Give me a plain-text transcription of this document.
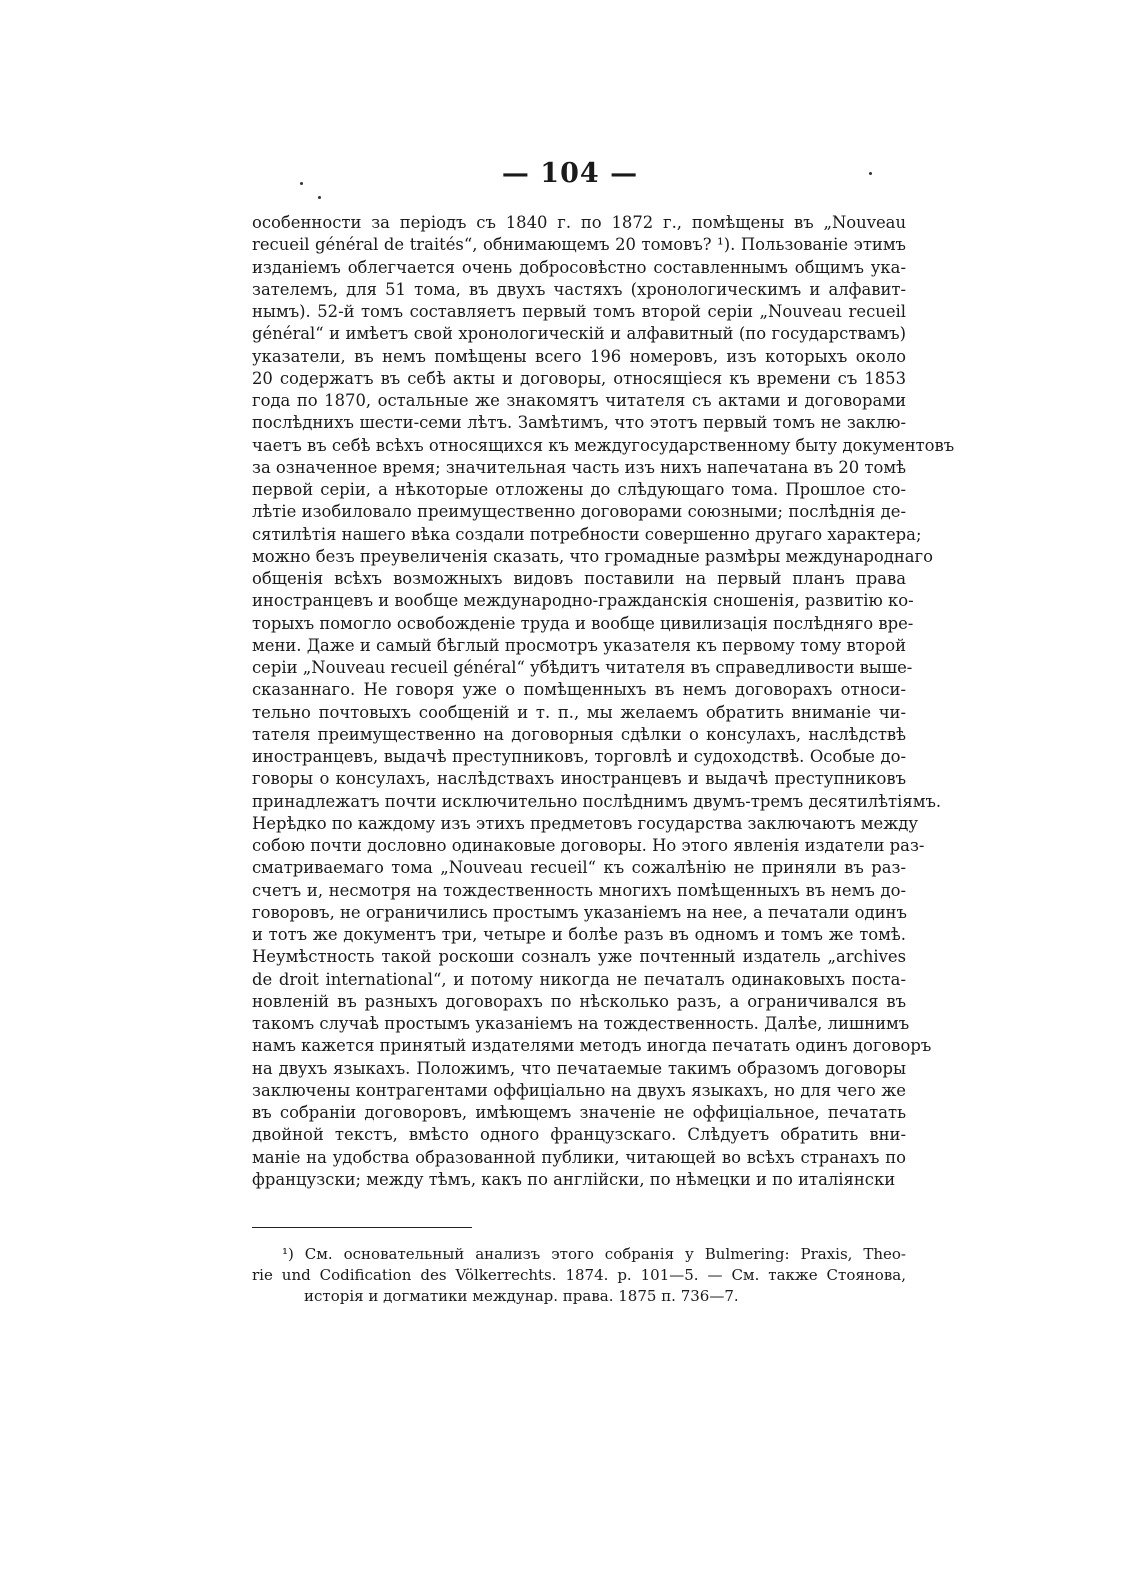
— 104 —
особенности за періодъ съ 1840 г. по 1872 г., помѣщены въ „Nouveau
recueil général de traités“, обнимающемъ 20 томовъ? ¹). Пользованіе этимъ
изданіемъ облегчается очень добросовѣстно составленнымъ общимъ ука-
зателемъ, для 51 тома, въ двухъ частяхъ (хронологическимъ и алфавит-
нымъ). 52-й томъ составляетъ первый томъ второй серіи „Nouveau recueil
général“ и имѣетъ свой хронологическій и алфавитный (по государствамъ)
указатели, въ немъ помѣщены всего 196 номеровъ, изъ которыхъ около
20 содержатъ въ себѣ акты и договоры, относящіеся къ времени съ 1853
года по 1870, остальные же знакомятъ читателя съ актами и договорами
послѣднихъ шести-семи лѣтъ. Замѣтимъ, что этотъ первый томъ не заклю-
чаетъ въ себѣ всѣхъ относящихся къ междугосударственному быту документовъ
за означенное время; значительная часть изъ нихъ напечатана въ 20 томѣ
первой серіи, а нѣкоторые отложены до слѣдующаго тома. Прошлое сто-
лѣтіе изобиловало преимущественно договорами союзными; послѣднія де-
сятилѣтія нашего вѣка создали потребности совершенно другаго характера;
можно безъ преувеличенія сказать, что громадные размѣры международнаго
общенія всѣхъ возможныхъ видовъ поставили на первый планъ права
иностранцевъ и вообще международно-гражданскія сношенія, развитію ко-
торыхъ помогло освобожденіе труда и вообще цивилизація послѣдняго вре-
мени. Даже и самый бѣглый просмотръ указателя къ первому тому второй
серіи „Nouveau recueil général“ убѣдитъ читателя въ справедливости выше-
сказаннаго. Не говоря уже о помѣщенныхъ въ немъ договорахъ относи-
тельно почтовыхъ сообщеній и т. п., мы желаемъ обратить вниманіе чи-
тателя преимущественно на договорныя сдѣлки о консулахъ, наслѣдствѣ
иностранцевъ, выдачѣ преступниковъ, торговлѣ и судоходствѣ. Особые до-
говоры о консулахъ, наслѣдствахъ иностранцевъ и выдачѣ преступниковъ
принадлежатъ почти исключительно послѣднимъ двумъ-тремъ десятилѣтіямъ.
Нерѣдко по каждому изъ этихъ предметовъ государства заключаютъ между
собою почти дословно одинаковые договоры. Но этого явленія издатели раз-
сматриваемаго тома „Nouveau recueil“ къ сожалѣнію не приняли въ раз-
счетъ и, несмотря на тождественность многихъ помѣщенныхъ въ немъ до-
говоровъ, не ограничились простымъ указаніемъ на нее, а печатали одинъ
и тотъ же документъ три, четыре и болѣе разъ въ одномъ и томъ же томѣ.
Неумѣстность такой роскоши созналъ уже почтенный издатель „archives
de droit international“, и потому никогда не печаталъ одинаковыхъ поста-
новленій въ разныхъ договорахъ по нѣсколько разъ, а ограничивался въ
такомъ случаѣ простымъ указаніемъ на тождественность. Далѣе, лишнимъ
намъ кажется принятый издателями методъ иногда печатать одинъ договоръ
на двухъ языкахъ. Положимъ, что печатаемые такимъ образомъ договоры
заключены контрагентами оффиціально на двухъ языкахъ, но для чего же
въ собраніи договоровъ, имѣющемъ значеніе не оффиціальное, печатать
двойной текстъ, вмѣсто одного французскаго. Слѣдуетъ обратить вни-
маніе на удобства образованной публики, читающей во всѣхъ странахъ по
французски; между тѣмъ, какъ по англійски, по нѣмецки и по италіянски
¹) См. основательный анализъ этого собранія у Bulmering: Praxis, Theo-
rie und Codification des Völkerrechts. 1874. p. 101—5. — См. также Стоянова,
исторія и догматики междунар. права. 1875 п. 736—7.
